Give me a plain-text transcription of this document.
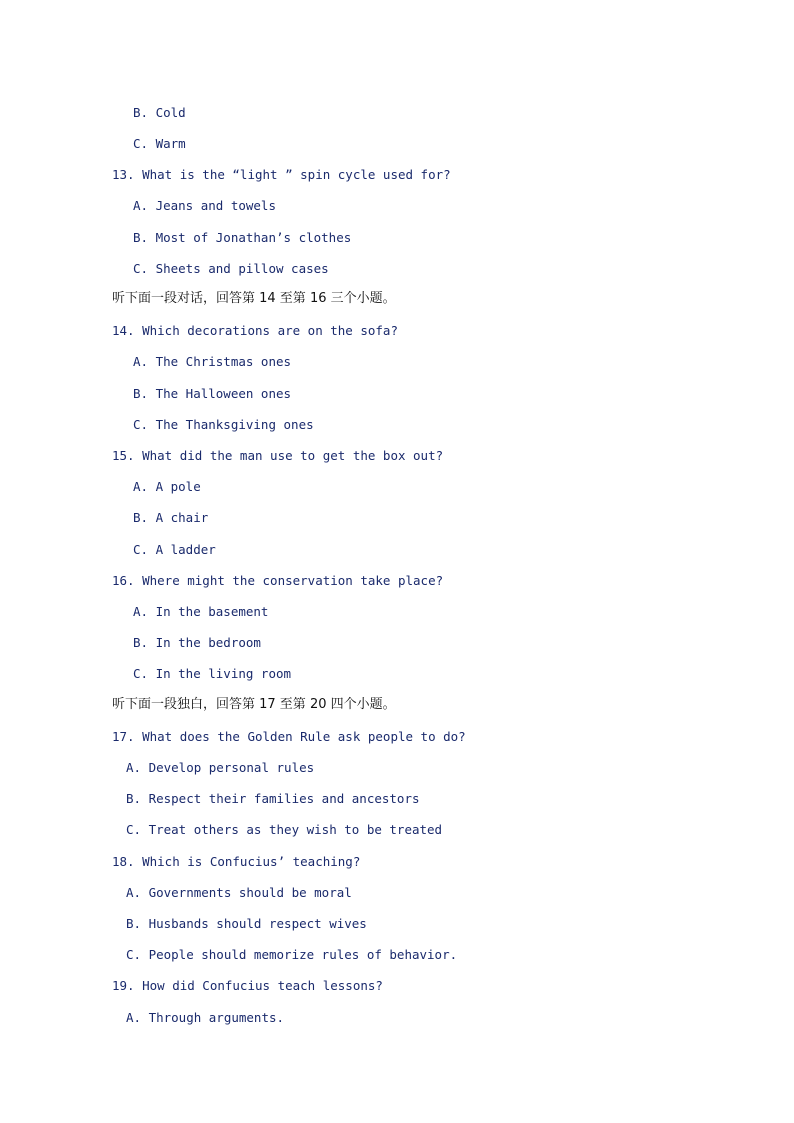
B. Cold
C. Warm
13. What is the “light ” spin cycle used for?
A. Jeans and towels
B. Most of Jonathan’s clothes
C. Sheets and pillow cases
听下面一段对话，回答第 14 至第 16 三个小题。
14. Which decorations are on the sofa?
A. The Christmas ones
B. The Halloween ones
C. The Thanksgiving ones
15. What did the man use to get the box out?
A. A pole
B. A chair
C. A ladder
16. Where might the conservation take place?
A. In the basement
B. In the bedroom
C. In the living room
听下面一段独白，回答第 17 至第 20 四个小题。
17. What does the Golden Rule ask people to do?
A. Develop personal rules
B. Respect their families and ancestors
C. Treat others as they wish to be treated
18. Which is Confucius’ teaching?
A. Governments should be moral
B. Husbands should respect wives
C. People should memorize rules of behavior.
19. How did Confucius teach lessons?
A. Through arguments.
